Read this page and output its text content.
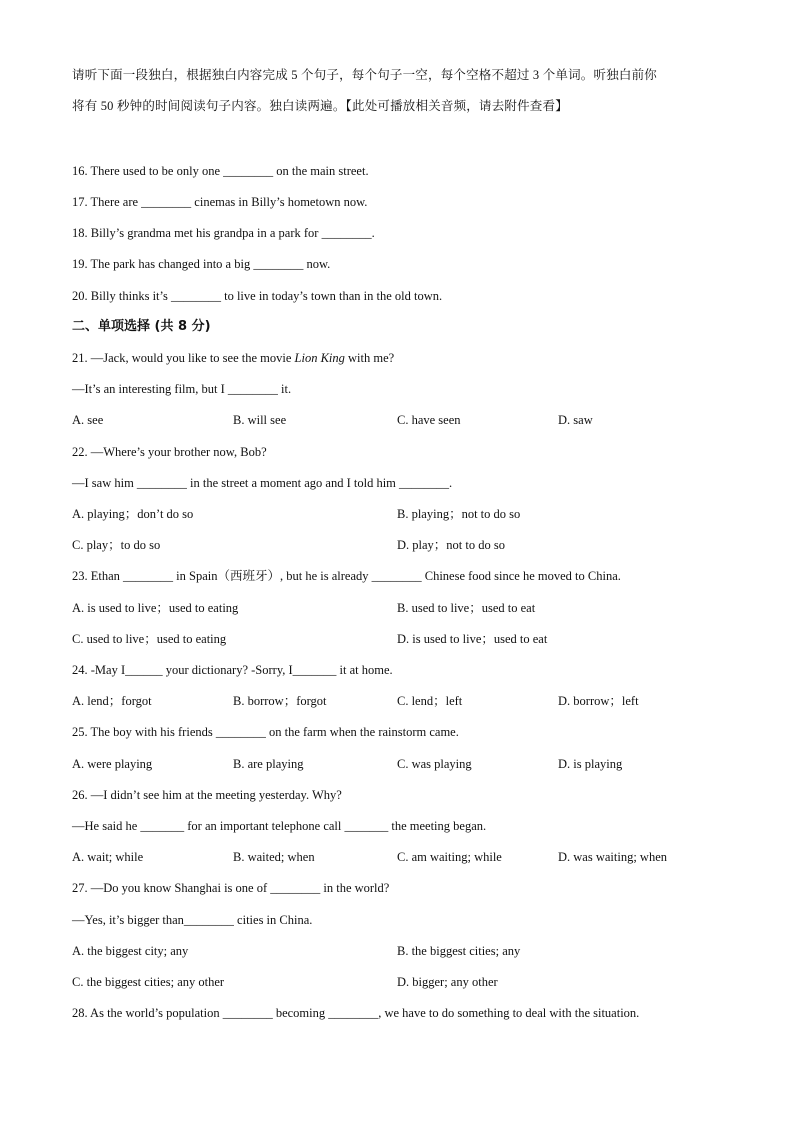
请听下面一段独白，根据独白内容完成 5 个句子，每个句子一空，每个空格不超过 3 个单词。听独白前你
将有 50 秒钟的时间阅读句子内容。独白读两遍。【此处可播放相关音频，请去附件查看】
16. There used to be only one ________ on the main street.
17. There are ________ cinemas in Billy’s hometown now.
18. Billy’s grandma met his grandpa in a park for ________.
19. The park has changed into a big ________ now.
20. Billy thinks it’s ________ to live in today’s town than in the old town.
二、单项选择 (共 8 分)
21. —Jack, would you like to see the movie Lion King with me?
—It’s an interesting film, but I ________ it.
A. see	B. will see	C. have seen	D. saw
22. —Where’s your brother now, Bob?
—I saw him ________ in the street a moment ago and I told him ________.
A. playing；don’t do so	B. playing；not to do so
C. play；to do so	D. play；not to do so
23. Ethan ________ in Spain（西班牙）, but he is already ________ Chinese food since he moved to China.
A. is used to live；used to eating	B. used to live；used to eat
C. used to live；used to eating	D. is used to live；used to eat
24. -May I______ your dictionary? -Sorry, I_______ it at home.
A. lend；forgot	B. borrow；forgot	C. lend；left	D. borrow；left
25. The boy with his friends ________ on the farm when the rainstorm came.
A. were playing	B. are playing	C. was playing	D. is playing
26. —I didn’t see him at the meeting yesterday. Why?
—He said he _______ for an important telephone call _______ the meeting began.
A. wait; while	B. waited; when	C. am waiting; while	D. was waiting; when
27. —Do you know Shanghai is one of ________ in the world?
—Yes, it’s bigger than________ cities in China.
A. the biggest city; any	B. the biggest cities; any
C. the biggest cities; any other	D. bigger; any other
28. As the world’s population ________ becoming ________, we have to do something to deal with the situation.
